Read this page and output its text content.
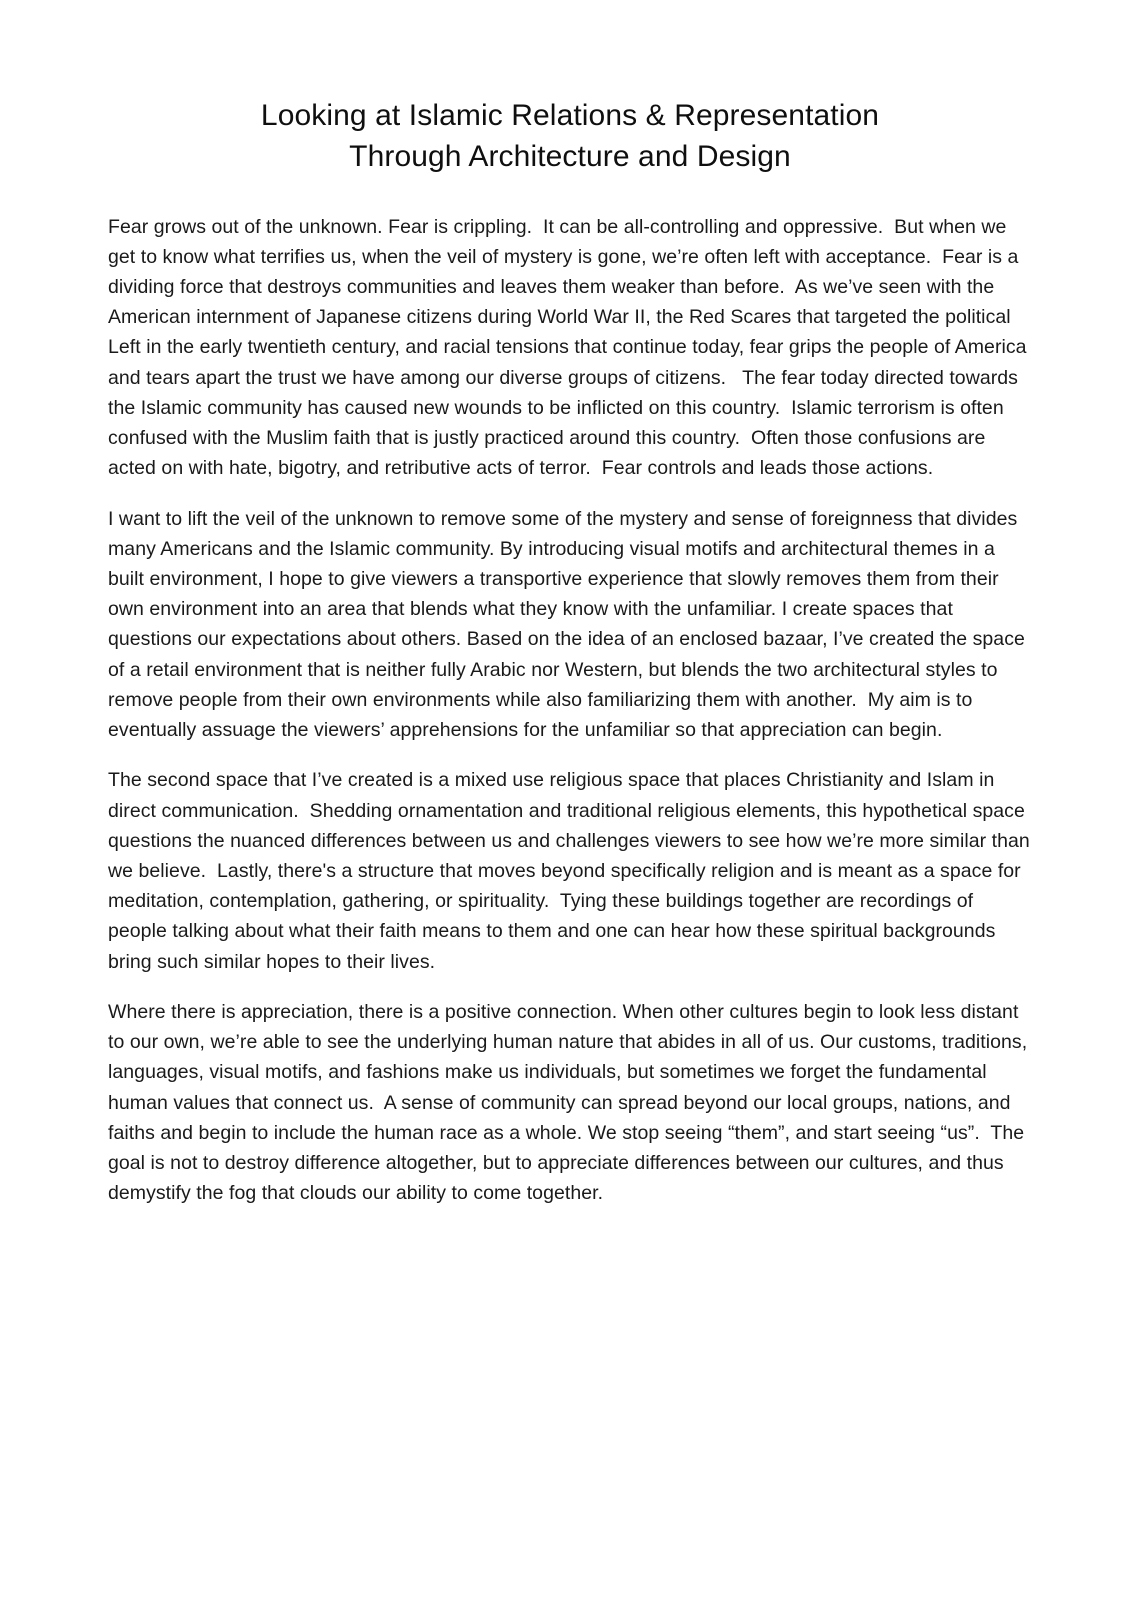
Looking at Islamic Relations & Representation
Through Architecture and Design

Fear grows out of the unknown. Fear is crippling.  It can be all-controlling and oppressive.  But when we get to know what terrifies us, when the veil of mystery is gone, we’re often left with acceptance.  Fear is a dividing force that destroys communities and leaves them weaker than before.  As we’ve seen with the American internment of Japanese citizens during World War II, the Red Scares that targeted the political Left in the early twentieth century, and racial tensions that continue today, fear grips the people of America and tears apart the trust we have among our diverse groups of citizens.   The fear today directed towards the Islamic community has caused new wounds to be inflicted on this country.  Islamic terrorism is often confused with the Muslim faith that is justly practiced around this country.  Often those confusions are acted on with hate, bigotry, and retributive acts of terror.  Fear controls and leads those actions.

I want to lift the veil of the unknown to remove some of the mystery and sense of foreignness that divides many Americans and the Islamic community. By introducing visual motifs and architectural themes in a built environment, I hope to give viewers a transportive experience that slowly removes them from their own environment into an area that blends what they know with the unfamiliar. I create spaces that questions our expectations about others. Based on the idea of an enclosed bazaar, I’ve created the space of a retail environment that is neither fully Arabic nor Western, but blends the two architectural styles to remove people from their own environments while also familiarizing them with another.  My aim is to eventually assuage the viewers’ apprehensions for the unfamiliar so that appreciation can begin.

The second space that I’ve created is a mixed use religious space that places Christianity and Islam in direct communication.  Shedding ornamentation and traditional religious elements, this hypothetical space questions the nuanced differences between us and challenges viewers to see how we’re more similar than we believe.  Lastly, there's a structure that moves beyond specifically religion and is meant as a space for meditation, contemplation, gathering, or spirituality.  Tying these buildings together are recordings of people talking about what their faith means to them and one can hear how these spiritual backgrounds bring such similar hopes to their lives.

Where there is appreciation, there is a positive connection. When other cultures begin to look less distant to our own, we’re able to see the underlying human nature that abides in all of us. Our customs, traditions, languages, visual motifs, and fashions make us individuals, but sometimes we forget the fundamental human values that connect us.  A sense of community can spread beyond our local groups, nations, and faiths and begin to include the human race as a whole. We stop seeing “them”, and start seeing “us”.  The goal is not to destroy difference altogether, but to appreciate differences between our cultures, and thus demystify the fog that clouds our ability to come together.
